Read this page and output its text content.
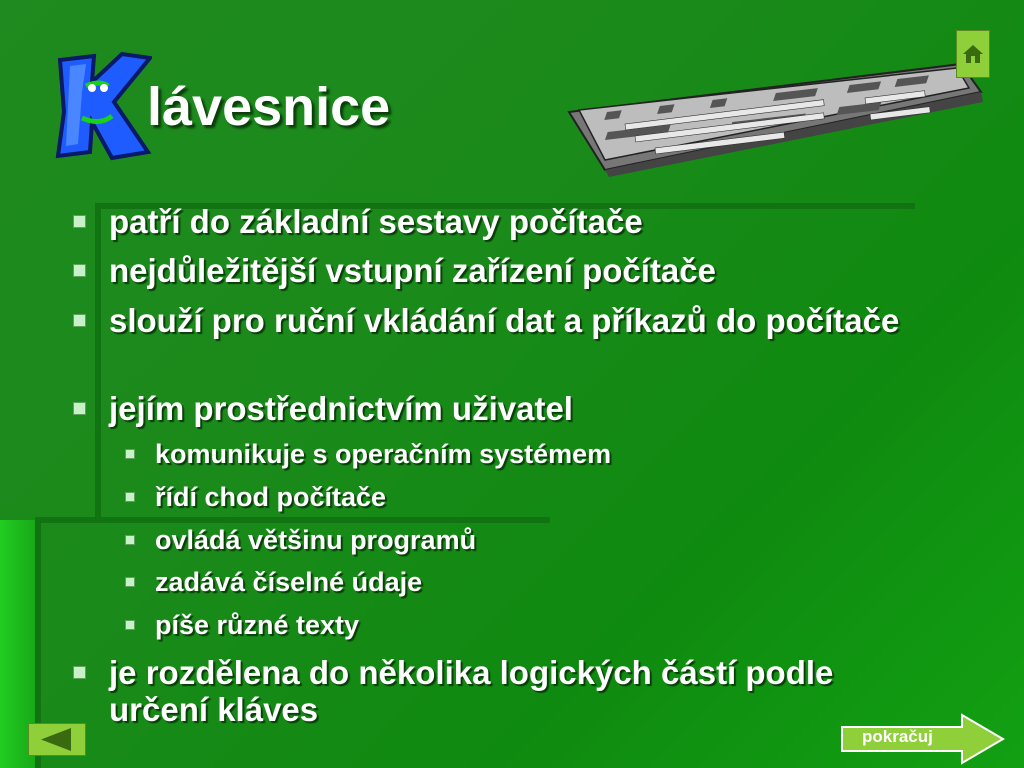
lávesnice
patří do základní sestavy počítače
nejdůležitější vstupní zařízení počítače
slouží pro ruční vkládání dat a příkazů do počítače
jejím prostřednictvím uživatel
komunikuje s operačním systémem
řídí chod počítače
ovládá většinu programů
zadává číselné údaje
píše různé texty
je rozdělena do několika logických částí podle určení kláves
pokračuj
